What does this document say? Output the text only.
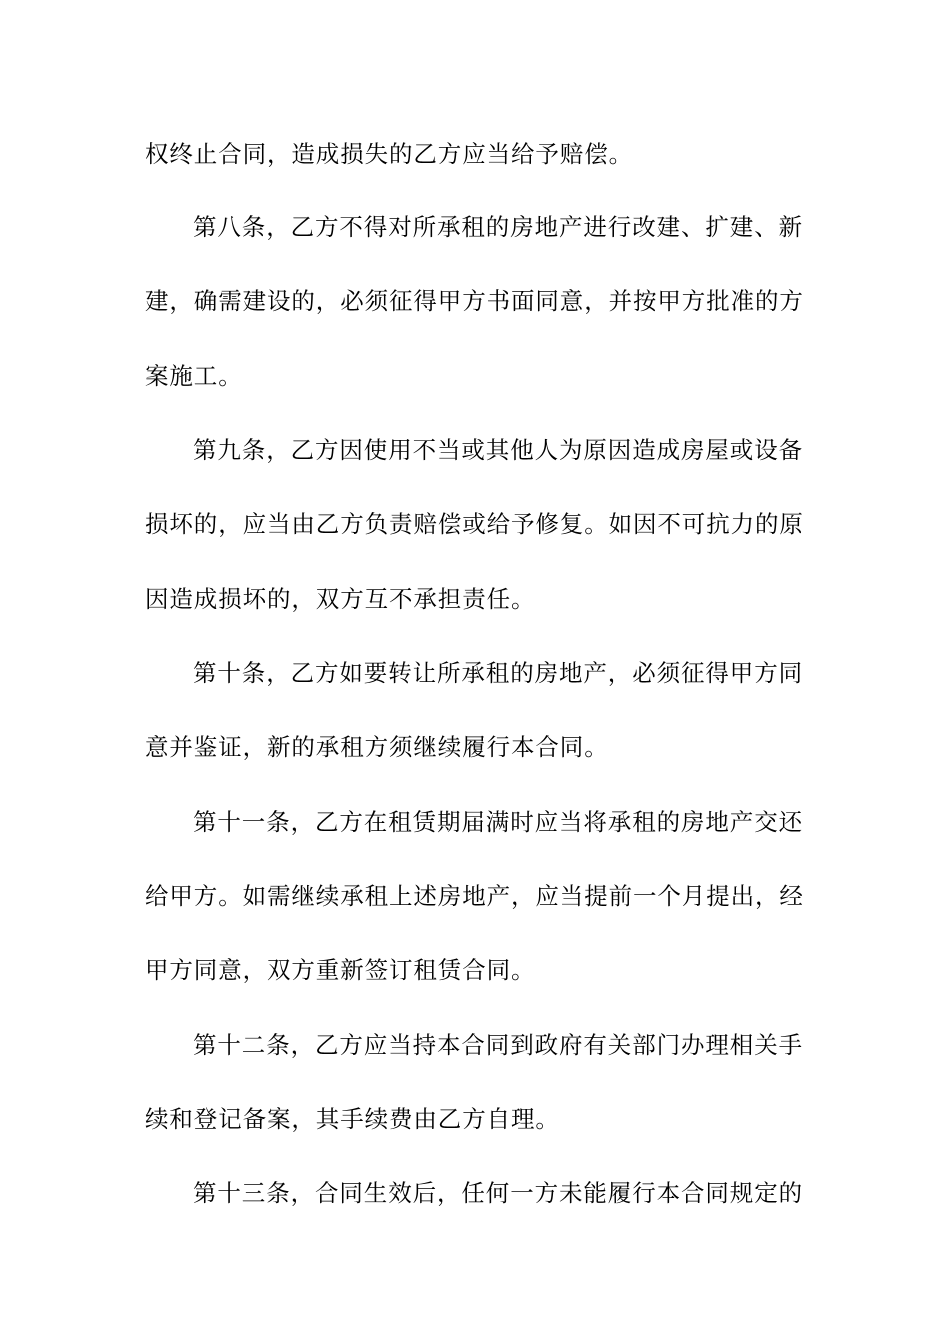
权终止合同，造成损失的乙方应当给予赔偿。
第八条，乙方不得对所承租的房地产进行改建、扩建、新
建，确需建设的，必须征得甲方书面同意，并按甲方批准的方
案施工。
第九条，乙方因使用不当或其他人为原因造成房屋或设备
损坏的，应当由乙方负责赔偿或给予修复。如因不可抗力的原
因造成损坏的，双方互不承担责任。
第十条，乙方如要转让所承租的房地产，必须征得甲方同
意并鉴证，新的承租方须继续履行本合同。
第十一条，乙方在租赁期届满时应当将承租的房地产交还
给甲方。如需继续承租上述房地产，应当提前一个月提出，经
甲方同意，双方重新签订租赁合同。
第十二条，乙方应当持本合同到政府有关部门办理相关手
续和登记备案，其手续费由乙方自理。
第十三条，合同生效后，任何一方未能履行本合同规定的
